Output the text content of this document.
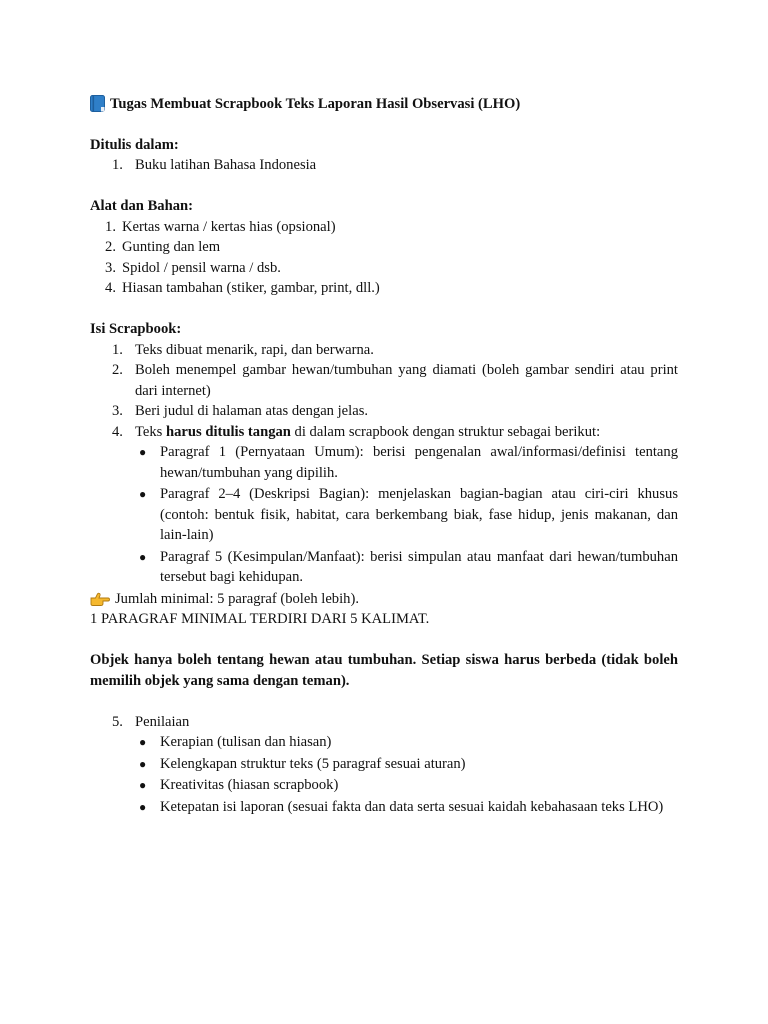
Tugas Membuat Scrapbook Teks Laporan Hasil Observasi (LHO)

Ditulis dalam:

1. Buku latihan Bahasa Indonesia

Alat dan Bahan:

1. Kertas warna / kertas hias (opsional)
2. Gunting dan lem
3. Spidol / pensil warna / dsb.
4. Hiasan tambahan (stiker, gambar, print, dll.)

Isi Scrapbook:

1. Teks dibuat menarik, rapi, dan berwarna.
2. Boleh menempel gambar hewan/tumbuhan yang diamati (boleh gambar sendiri atau print dari internet)
3. Beri judul di halaman atas dengan jelas.
4. Teks harus ditulis tangan di dalam scrapbook dengan struktur sebagai berikut:
● Paragraf 1 (Pernyataan Umum): berisi pengenalan awal/informasi/definisi tentang hewan/tumbuhan yang dipilih.
● Paragraf 2–4 (Deskripsi Bagian): menjelaskan bagian-bagian atau ciri-ciri khusus (contoh: bentuk fisik, habitat, cara berkembang biak, fase hidup, jenis makanan, dan lain-lain)
● Paragraf 5 (Kesimpulan/Manfaat): berisi simpulan atau manfaat dari hewan/tumbuhan tersebut bagi kehidupan.
Jumlah minimal: 5 paragraf (boleh lebih).

1 PARAGRAF MINIMAL TERDIRI DARI 5 KALIMAT.

Objek hanya boleh tentang hewan atau tumbuhan. Setiap siswa harus berbeda (tidak boleh memilih objek yang sama dengan teman).

5. Penilaian
● Kerapian (tulisan dan hiasan)
● Kelengkapan struktur teks (5 paragraf sesuai aturan)
● Kreativitas (hiasan scrapbook)
● Ketepatan isi laporan (sesuai fakta dan data serta sesuai kaidah kebahasaan teks LHO)
